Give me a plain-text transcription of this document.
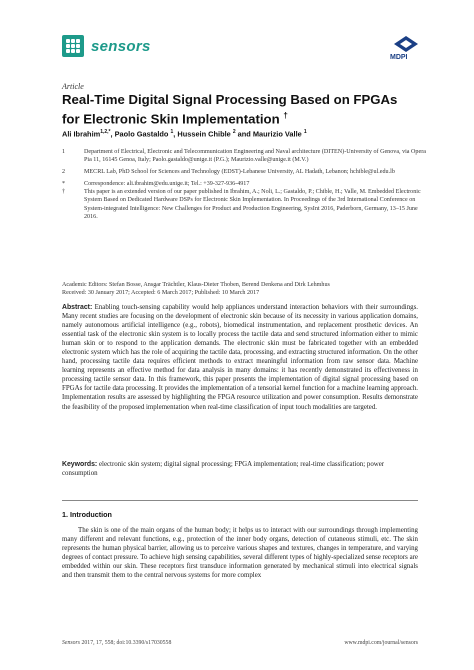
sensors
MDPI
Article
Real-Time Digital Signal Processing Based on FPGAs
for Electronic Skin Implementation †
Ali Ibrahim$^{1,2,*}$, Paolo Gastaldo $^1$, Hussein Chible $^2$ and Maurizio Valle $^1$
1	Department of Electrical, Electronic and Telecommunication Engineering and Naval architecture (DITEN)-University of Genova, via Opera Pia 11, 16145 Genoa, Italy; Paolo.gastaldo@unige.it (P.G.); Maurizio.valle@unige.it (M.V.)
2	MECRL Lab, PhD School for Sciences and Technology (EDST)-Lebanese University, AL Hadath, Lebanon; hchible@ul.edu.lb
*	Correspondence: ali.ibrahim@edu.unige.it; Tel.: +39-327-936-4917
†	This paper is an extended version of our paper published in Ibrahim, A.; Noli, L.; Gastaldo, P.; Chible, H.; Valle, M. Embedded Electronic System Based on Dedicated Hardware DSPs for Electronic Skin Implementation. In Proceedings of the 3rd International Conference on System-integrated Intelligence: New Challenges for Product and Production Engineering, SysInt 2016, Paderborn, Germany, 13–15 June 2016.
Academic Editors: Stefan Bosse, Ansgar Trächtler, Klaus-Dieter Thoben, Berend Denkena and Dirk Lehmhus
Received: 30 January 2017; Accepted: 6 March 2017; Published: 10 March 2017
Abstract: Enabling touch-sensing capability would help appliances understand interaction behaviors with their surroundings. Many recent studies are focusing on the development of electronic skin because of its necessity in various application domains, namely autonomous artificial intelligence (e.g., robots), biomedical instrumentation, and replacement prosthetic devices. An essential task of the electronic skin system is to locally process the tactile data and send structured information either to mimic human skin or to respond to the application demands. The electronic skin must be fabricated together with an embedded electronic system which has the role of acquiring the tactile data, processing, and extracting structured information. On the other hand, processing tactile data requires efficient methods to extract meaningful information from raw sensor data. Machine learning represents an effective method for data analysis in many domains: it has recently demonstrated its effectiveness in processing tactile sensor data. In this framework, this paper presents the implementation of digital signal processing based on FPGAs for tactile data processing. It provides the implementation of a tensorial kernel function for a machine learning approach. Implementation results are assessed by highlighting the FPGA resource utilization and power consumption. Results demonstrate the feasibility of the proposed implementation when real-time classification of input touch modalities are targeted.
Keywords: electronic skin system; digital signal processing; FPGA implementation; real-time classification; power consumption
1. Introduction
The skin is one of the main organs of the human body; it helps us to interact with our surroundings through implementing many different and relevant functions, e.g., protection of the inner body organs, detection of cutaneous stimuli, etc. The skin represents the human physical barrier, allowing us to perceive various shapes and textures, changes in temperature, and varying degrees of contact pressure. To achieve high sensing capabilities, several different types of highly-specialized sense receptors are embedded within our skin. These receptors first transduce information generated by mechanical stimuli into electrical signals and then transmit them to the central nervous systems for more complex
Sensors 2017, 17, 558; doi:10.3390/s17030558	www.mdpi.com/journal/sensors
